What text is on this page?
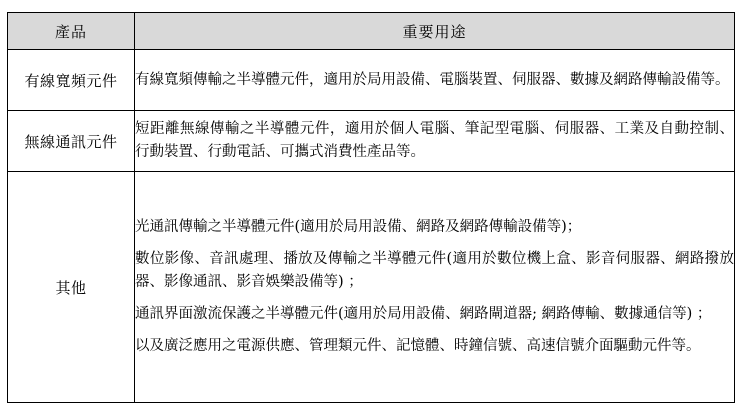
產品	重要用途
有線寬頻元件	有線寬頻傳輸之半導體元件，適用於局用設備、電腦裝置、伺服器、數據及網路傳輸設備等。

無線通訊元件	短距離無線傳輸之半導體元件，適用於個人電腦、筆記型電腦、伺服器、工業及自動控制、 行動裝置、行動電話、可攜式消費性產品等。

其他	光通訊傳輸之半導體元件(適用於局用設備、網路及網路傳輸設備等)；

數位影像、音訊處理、播放及傳輸之半導體元件(適用於數位機上盒、影音伺服器、網路撥放器、影像通訊、影音娛樂設備等) ；

通訊界面激流保護之半導體元件(適用於局用設備、網路閘道器; 網路傳輸、數據通信等) ；

以及廣泛應用之電源供應、管理類元件、記憶體、時鐘信號、高速信號介面驅動元件等。
